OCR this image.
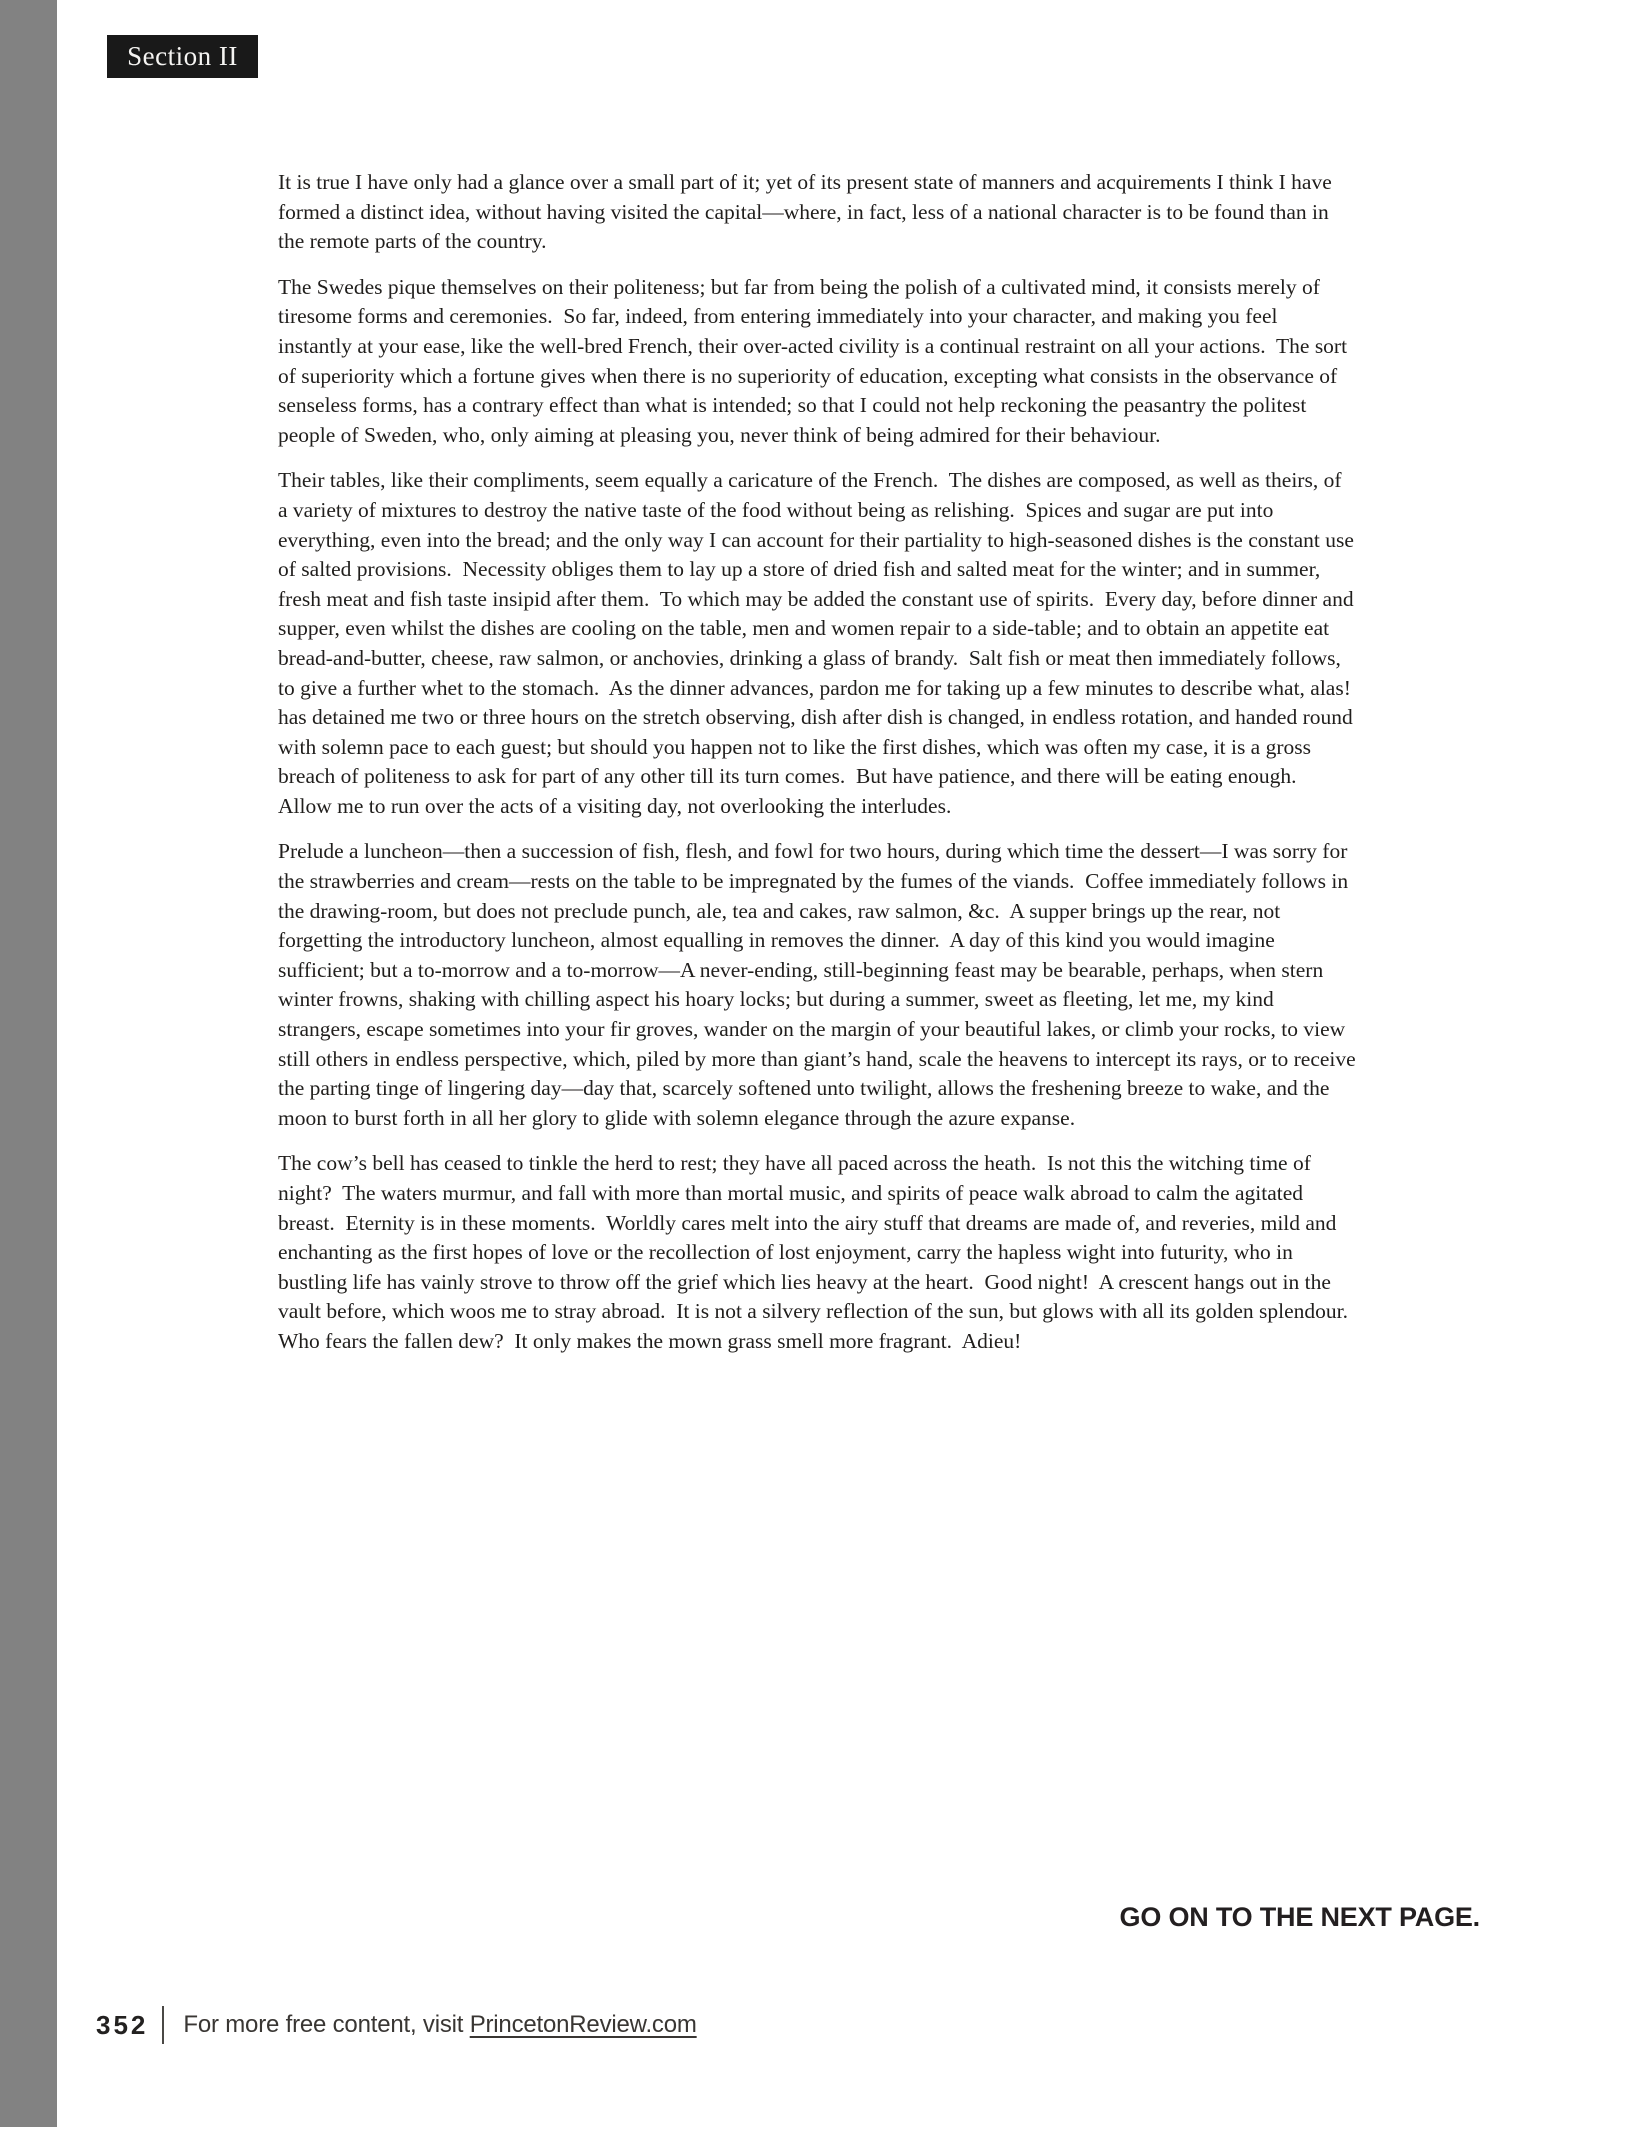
Section II

It is true I have only had a glance over a small part of it; yet of its present state of manners and acquirements I think I have formed a distinct idea, without having visited the capital—where, in fact, less of a national character is to be found than in the remote parts of the country.

The Swedes pique themselves on their politeness; but far from being the polish of a cultivated mind, it consists merely of tiresome forms and ceremonies.  So far, indeed, from entering immediately into your character, and making you feel instantly at your ease, like the well-bred French, their over-acted civility is a continual restraint on all your actions.  The sort of superiority which a fortune gives when there is no superiority of education, excepting what consists in the observance of senseless forms, has a contrary effect than what is intended; so that I could not help reckoning the peasantry the politest people of Sweden, who, only aiming at pleasing you, never think of being admired for their behaviour.

Their tables, like their compliments, seem equally a caricature of the French.  The dishes are composed, as well as theirs, of a variety of mixtures to destroy the native taste of the food without being as relishing.  Spices and sugar are put into everything, even into the bread; and the only way I can account for their partiality to high-seasoned dishes is the constant use of salted provisions.  Necessity obliges them to lay up a store of dried fish and salted meat for the winter; and in summer, fresh meat and fish taste insipid after them.  To which may be added the constant use of spirits.  Every day, before dinner and supper, even whilst the dishes are cooling on the table, men and women repair to a side-table; and to obtain an appetite eat bread-and-butter, cheese, raw salmon, or anchovies, drinking a glass of brandy.  Salt fish or meat then immediately follows, to give a further whet to the stomach.  As the dinner advances, pardon me for taking up a few minutes to describe what, alas! has detained me two or three hours on the stretch observing, dish after dish is changed, in endless rotation, and handed round with solemn pace to each guest; but should you happen not to like the first dishes, which was often my case, it is a gross breach of politeness to ask for part of any other till its turn comes.  But have patience, and there will be eating enough.  Allow me to run over the acts of a visiting day, not overlooking the interludes.

Prelude a luncheon—then a succession of fish, flesh, and fowl for two hours, during which time the dessert—I was sorry for the strawberries and cream—rests on the table to be impregnated by the fumes of the viands.  Coffee immediately follows in the drawing-room, but does not preclude punch, ale, tea and cakes, raw salmon, &c.  A supper brings up the rear, not forgetting the introductory luncheon, almost equalling in removes the dinner.  A day of this kind you would imagine sufficient; but a to-morrow and a to-morrow—A never-ending, still-beginning feast may be bearable, perhaps, when stern winter frowns, shaking with chilling aspect his hoary locks; but during a summer, sweet as fleeting, let me, my kind strangers, escape sometimes into your fir groves, wander on the margin of your beautiful lakes, or climb your rocks, to view still others in endless perspective, which, piled by more than giant’s hand, scale the heavens to intercept its rays, or to receive the parting tinge of lingering day—day that, scarcely softened unto twilight, allows the freshening breeze to wake, and the moon to burst forth in all her glory to glide with solemn elegance through the azure expanse.

The cow’s bell has ceased to tinkle the herd to rest; they have all paced across the heath.  Is not this the witching time of night?  The waters murmur, and fall with more than mortal music, and spirits of peace walk abroad to calm the agitated breast.  Eternity is in these moments.  Worldly cares melt into the airy stuff that dreams are made of, and reveries, mild and enchanting as the first hopes of love or the recollection of lost enjoyment, carry the hapless wight into futurity, who in bustling life has vainly strove to throw off the grief which lies heavy at the heart.  Good night!  A crescent hangs out in the vault before, which woos me to stray abroad.  It is not a silvery reflection of the sun, but glows with all its golden splendour.  Who fears the fallen dew?  It only makes the mown grass smell more fragrant.  Adieu!

GO ON TO THE NEXT PAGE.
352 For more free content, visit PrincetonReview.com
